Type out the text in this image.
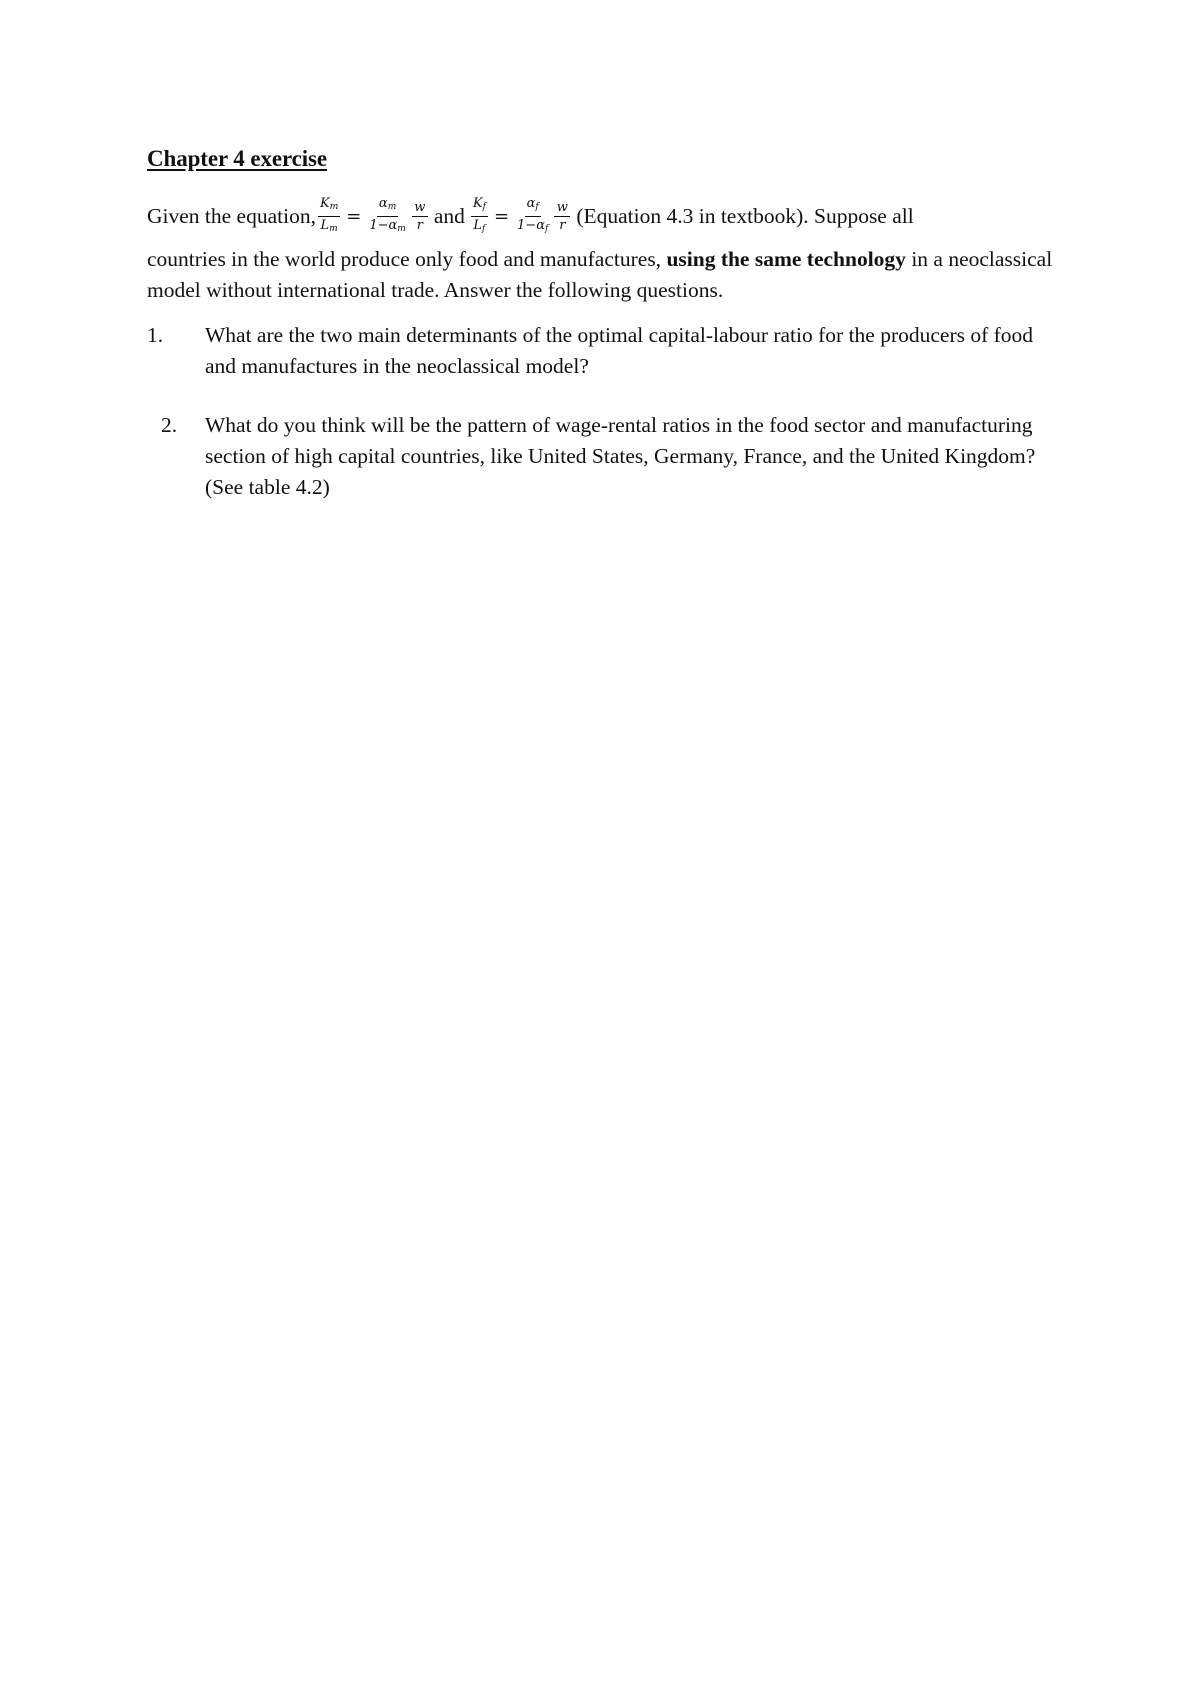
Chapter 4 exercise
Given the equation, $\frac{K_m}{L_m} = \frac{\alpha_m}{1-\alpha_m} \frac{w}{r}$ and $\frac{K_f}{L_f} = \frac{\alpha_f}{1-\alpha_f} \frac{w}{r}$ (Equation 4.3 in textbook). Suppose all
countries in the world produce only food and manufactures, using the same technology in a neoclassical model without international trade. Answer the following questions.
1. What are the two main determinants of the optimal capital-labour ratio for the producers of food and manufactures in the neoclassical model?
2. What do you think will be the pattern of wage-rental ratios in the food sector and manufacturing section of high capital countries, like United States, Germany, France, and the United Kingdom? (See table 4.2)
